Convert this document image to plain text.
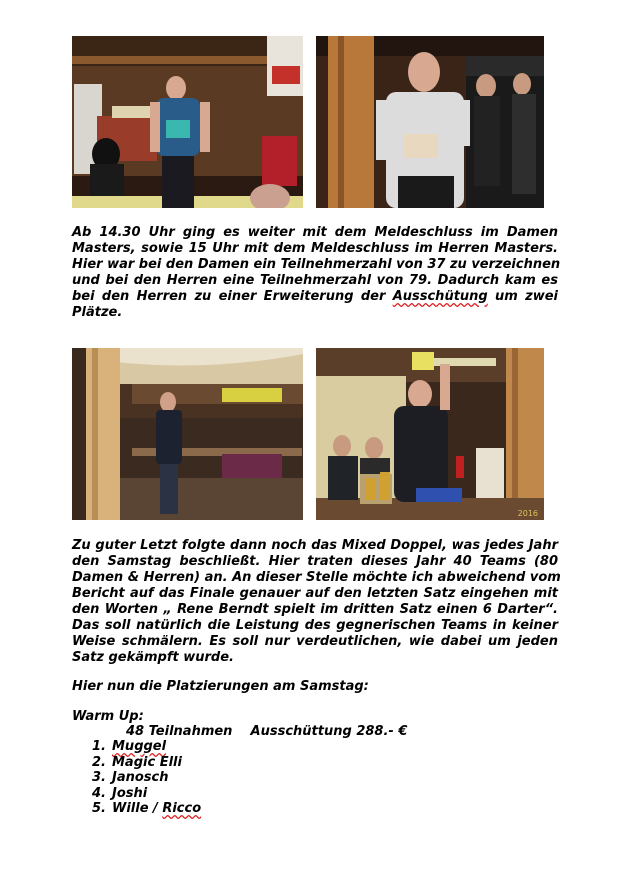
Ab 14.30 Uhr ging es weiter mit dem Meldeschluss im Damen
Masters, sowie 15 Uhr mit dem Meldeschluss im Herren Masters.
Hier war bei den Damen ein Teilnehmerzahl von 37 zu verzeichnen
und bei den Herren eine Teilnehmerzahl von 79. Dadurch kam es
bei den Herren zu einer Erweiterung der Ausschütung um zwei
Plätze.

2016

Zu guter Letzt folgte dann noch das Mixed Doppel, was jedes Jahr
den Samstag beschließt. Hier traten dieses Jahr 40 Teams (80
Damen & Herren) an. An dieser Stelle möchte ich abweichend vom
Bericht auf das Finale genauer auf den letzten Satz eingehen mit
den Worten „ Rene Berndt spielt im dritten Satz einen 6 Darter“.
Das soll natürlich die Leistung des gegnerischen Teams in keiner
Weise schmälern. Es soll nur verdeutlichen, wie dabei um jeden
Satz gekämpft wurde.

Hier nun die Platzierungen am Samstag:

Warm Up:

48 Teilnahmen Ausschüttung 288.- €

1. Muggel
2. Magic Elli
3. Janosch
4. Joshi
5. Wille / Ricco
